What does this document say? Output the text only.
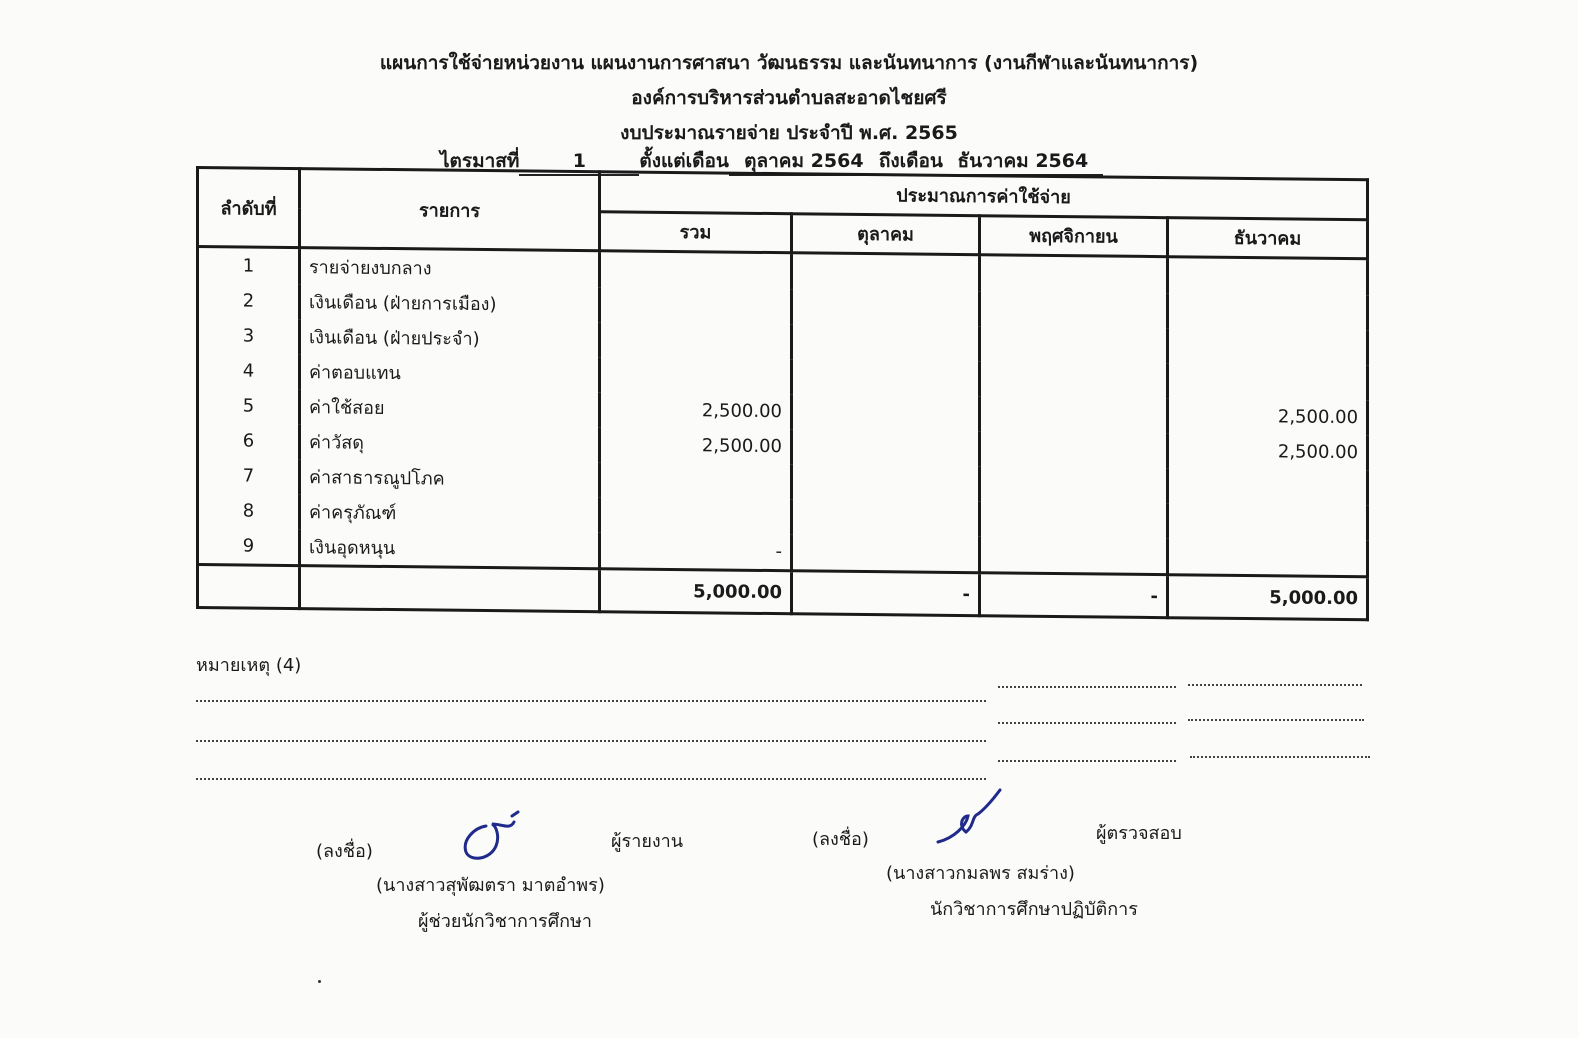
แผนการใช้จ่ายหน่วยงาน แผนงานการศาสนา วัฒนธรรม และนันทนาการ (งานกีฬาและนันทนาการ)
องค์การบริหารส่วนตำบลสะอาดไชยศรี
งบประมาณรายจ่าย ประจำปี พ.ศ. 2565
ไตรมาสที่	1	ตั้งแต่เดือน ตุลาคม 2564 ถึงเดือน ธันวาคม 2564
ลำดับที่	รายการ	ประมาณการค่าใช้จ่าย			
		รวม	ตุลาคม	พฤศจิกายน	ธันวาคม
1	รายจ่ายงบกลาง				
2	เงินเดือน (ฝ่ายการเมือง)				
3	เงินเดือน (ฝ่ายประจำ)				
4	ค่าตอบแทน				
5	ค่าใช้สอย	2,500.00			2,500.00
6	ค่าวัสดุ	2,500.00			2,500.00
7	ค่าสาธารณูปโภค				
8	ค่าครุภัณฑ์				
9	เงินอุดหนุน	-			
		5,000.00	-	-	5,000.00
หมายเหตุ (4)
(ลงชื่อ)	ผู้รายงาน
(นางสาวสุพัฒตรา มาตอำพร)
ผู้ช่วยนักวิชาการศึกษา
(ลงชื่อ)	ผู้ตรวจสอบ
(นางสาวกมลพร สมร่าง)
นักวิชาการศึกษาปฏิบัติการ
